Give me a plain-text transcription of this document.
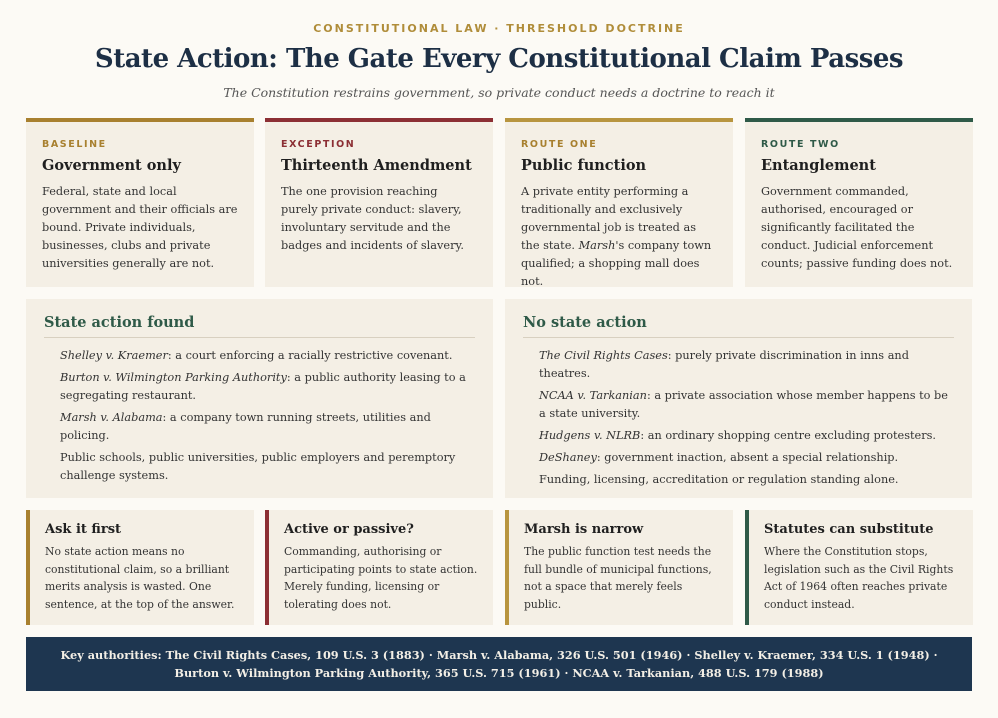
CONSTITUTIONAL LAW · THRESHOLD DOCTRINE
State Action: The Gate Every Constitutional Claim Passes
The Constitution restrains government, so private conduct needs a doctrine to reach it
BASELINE
Government only
Federal, state and local government and their officials are bound. Private individuals, businesses, clubs and private universities generally are not.
EXCEPTION
Thirteenth Amendment
The one provision reaching purely private conduct: slavery, involuntary servitude and the badges and incidents of slavery.
ROUTE ONE
Public function
A private entity performing a traditionally and exclusively governmental job is treated as the state. Marsh's company town qualified; a shopping mall does not.
ROUTE TWO
Entanglement
Government commanded, authorised, encouraged or significantly facilitated the conduct. Judicial enforcement counts; passive funding does not.
State action found
Shelley v. Kraemer: a court enforcing a racially restrictive covenant.
Burton v. Wilmington Parking Authority: a public authority leasing to a segregating restaurant.
Marsh v. Alabama: a company town running streets, utilities and policing.
Public schools, public universities, public employers and peremptory challenge systems.
No state action
The Civil Rights Cases: purely private discrimination in inns and theatres.
NCAA v. Tarkanian: a private association whose member happens to be a state university.
Hudgens v. NLRB: an ordinary shopping centre excluding protesters.
DeShaney: government inaction, absent a special relationship.
Funding, licensing, accreditation or regulation standing alone.
Ask it first
No state action means no constitutional claim, so a brilliant merits analysis is wasted. One sentence, at the top of the answer.
Active or passive?
Commanding, authorising or participating points to state action. Merely funding, licensing or tolerating does not.
Marsh is narrow
The public function test needs the full bundle of municipal functions, not a space that merely feels public.
Statutes can substitute
Where the Constitution stops, legislation such as the Civil Rights Act of 1964 often reaches private conduct instead.
Key authorities: The Civil Rights Cases, 109 U.S. 3 (1883) · Marsh v. Alabama, 326 U.S. 501 (1946) · Shelley v. Kraemer, 334 U.S. 1 (1948) · Burton v. Wilmington Parking Authority, 365 U.S. 715 (1961) · NCAA v. Tarkanian, 488 U.S. 179 (1988)
